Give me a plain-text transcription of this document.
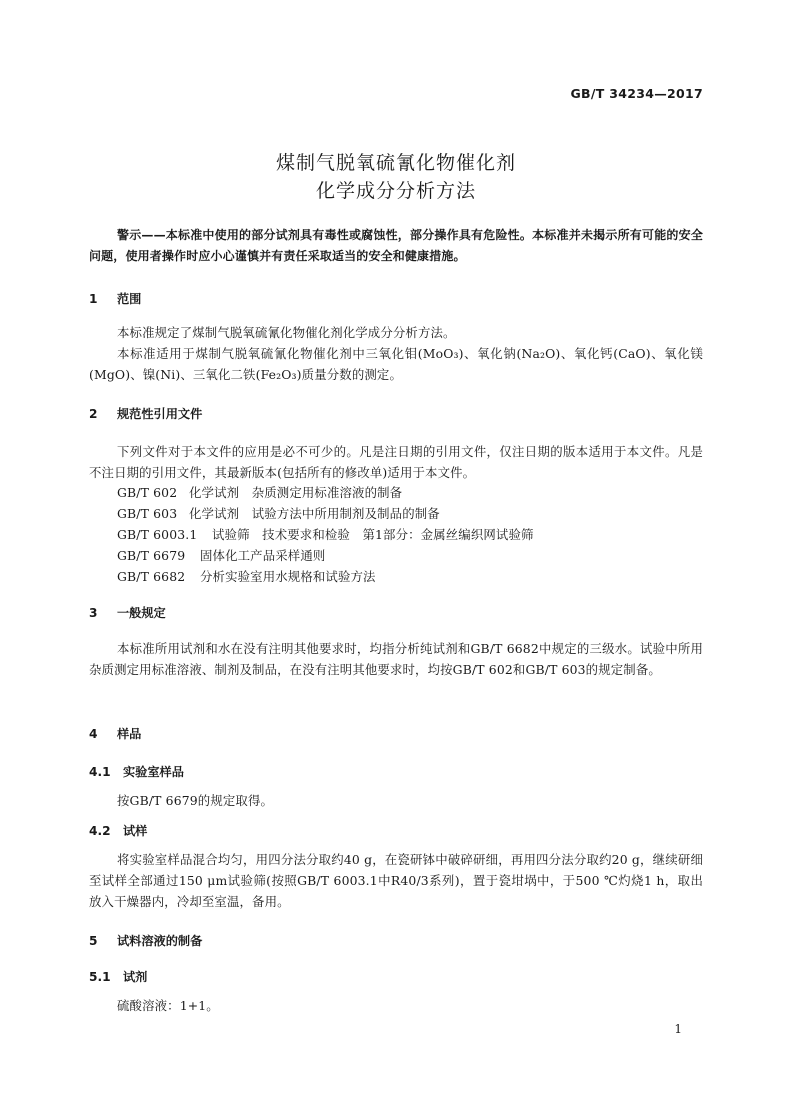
GB/T 34234—2017
煤制气脱氧硫氰化物催化剂
化学成分分析方法
警示——本标准中使用的部分试剂具有毒性或腐蚀性，部分操作具有危险性。本标准并未揭示所有可能的安全问题，使用者操作时应小心谨慎并有责任采取适当的安全和健康措施。
1 范围
本标准规定了煤制气脱氧硫氰化物催化剂化学成分分析方法。
本标准适用于煤制气脱氧硫氰化物催化剂中三氧化钼(MoO₃)、氧化钠(Na₂O)、氧化钙(CaO)、氧化镁(MgO)、镍(Ni)、三氧化二铁(Fe₂O₃)质量分数的测定。
2 规范性引用文件
下列文件对于本文件的应用是必不可少的。凡是注日期的引用文件，仅注日期的版本适用于本文件。凡是不注日期的引用文件，其最新版本(包括所有的修改单)适用于本文件。
GB/T 602 化学试剂　杂质测定用标准溶液的制备
GB/T 603 化学试剂　试验方法中所用制剂及制品的制备
GB/T 6003.1 试验筛　技术要求和检验　第1部分：金属丝编织网试验筛
GB/T 6679 固体化工产品采样通则
GB/T 6682 分析实验室用水规格和试验方法
3 一般规定
本标准所用试剂和水在没有注明其他要求时，均指分析纯试剂和GB/T 6682中规定的三级水。试验中所用杂质测定用标准溶液、制剂及制品，在没有注明其他要求时，均按GB/T 602和GB/T 603的规定制备。
4 样品
4.1 实验室样品
按GB/T 6679的规定取得。
4.2 试样
将实验室样品混合均匀，用四分法分取约40 g，在瓷研钵中破碎研细，再用四分法分取约20 g，继续研细至试样全部通过150 μm试验筛(按照GB/T 6003.1中R40/3系列)，置于瓷坩埚中，于500 ℃灼烧1 h，取出放入干燥器内，冷却至室温，备用。
5 试料溶液的制备
5.1 试剂
硫酸溶液：1+1。
1
